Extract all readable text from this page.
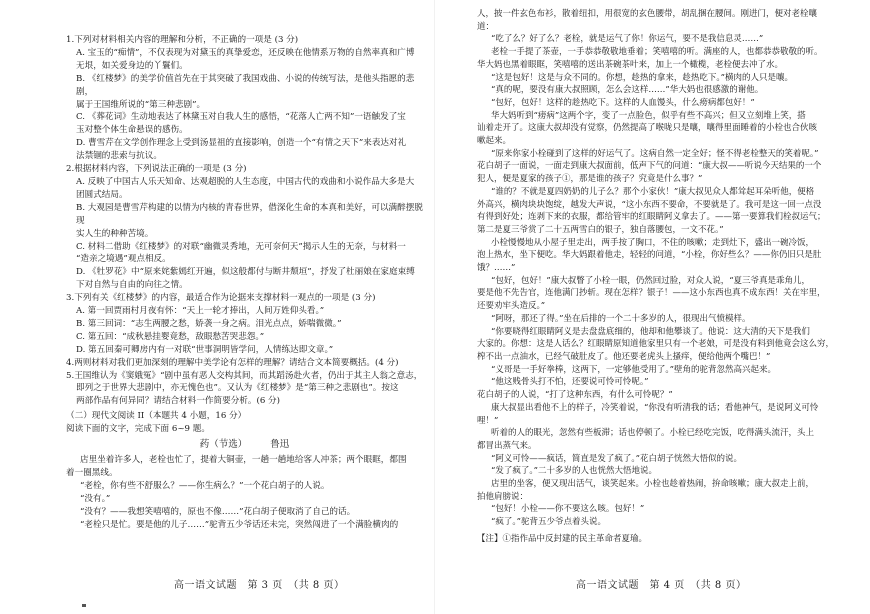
1.下列对材料相关内容的理解和分析，不正确的一项是 (3 分)

A. 宝玉的“痴情”，不仅表现为对黛玉的真挚爱恋，还反映在他情系万物的自然率真和广博

无垠，如关爱身边的丫鬟们。

B. 《红楼梦》的美学价值首先在于其突破了我国戏曲、小说的传统写法，是他头指愿的悲剧，

属于王国维所说的“第三种悲剧”。

C. 《葬花词》生动地表达了林黛玉对自我人生的感悟，“花落人亡两不知”一语触发了宝

玉对整个体生命悬误的感伤。

D. 曹雪芹在文学创作理念上受到汤显祖的直接影响，创造一个“有情之天下”来表达对礼

法禁锢的悲索与抗议。

2.根据材料内容，下列说法正确的一项是 (3 分)

A. 反映了中国古人乐天知命、达观超脱的人生态度，中国古代的戏曲和小说作品大多是大

团圆式结局。

B. 大观园是曹雪芹构建的以情为内核的青春世界，借深化生命的本真和美好，可以满醉摆脱现

实人生的种种苦境。

C. 材料二借助《红楼梦》的对联“幽微灵秀地，无可奈何天”揭示人生的无奈，与材料一

“造亲之境遇”观点相反。

D. 《牡罗花》中“原来姹紫嫣红开遍，似这般都付与断井颓垣”，抒发了杜丽娘在家庭束缚

下对自然与自由的向往之情。

3.下列有关《红楼梦》的内容，最适合作为论据来支撑材料一观点的一项是 (3 分)

A. 第一回贾雨村月夜有怀：“天上一轮才捧出，人间万姓仰头看。”

B. 第三回词：“志生两腰之愁，娇袭一身之病。泪光点点，娇喘微微。”

C. 第五回：“成秋悬挂婴竟愁，敌眼愁苦哭悲怨。”

D. 第五回秦可卿房内有一对联“世事洞明皆学问，人情练达即文章。”

4.两则材料对我们更加深刻的理解中美学论有怎样的理解？请结合文本简要概括。(4 分)

5.王国维认为《窦娥冤》“剧中虽有恶人交构其间，而其蹈汤赴火者，仍出于其主人翁之意志，

即列之于世界大悲剧中，亦无愧色也”。又认为《红楼梦》是“第三种之悲剧也”。按这

两部作品有何异同？请结合材料一作简要分析。(6 分)

（二）现代文阅读 II（本题共 4 小题，16 分）

阅读下面的文字，完成下面 6~9 题。

药（节选） 鲁迅

店里坐着许多人，老栓也忙了，提着大铜壶，一趟一趟地给客人冲茶；两个眼眶，都围

着一圈黑线。

“老栓，你有些不舒服么？——你生病么？”一个花白胡子的人说。

“没有。”

“没有？——我想笑嘻嘻的，原也不像……”花白胡子便取消了自己的话。

“老栓只是忙。要是他的儿子……”驼背五少爷话还未完，突然闯进了一个满脸横肉的

人，披一件玄色布衫，散着纽扣，用很宽的玄色腰带，胡乱捆在腰间。刚进门，便对老栓嚷

道：

“吃了么？好了么？老栓，就是运气了你！你运气，要不是我信息灵……”

老栓一手提了茶壶，一手恭恭敬敬地垂着；笑嘻嘻的听。满座的人，也都恭恭敬敬的听。

华大妈也黑着眼眶，笑嘻嘻的送出茶碗茶叶来，加上一个橄榄，老栓便去冲了水。

“这是包好！这是与众不同的。你想，趁热的拿来，趁热吃下。”横肉的人只是嚷。

“真的呢，要没有康大叔照顾，怎么会这样……”华大妈也很感激的谢他。

“包好，包好！这样的趁热吃下。这样的人血馒头，什么痨病都包好！”

华大妈听到“痨病”这两个字，变了一点脸色，似乎有些不高兴；但又立刻堆上笑，搭

讪着走开了。这康大叔却没有觉察，仍然提高了喉咙只是嚷，嚷得里面睡着的小栓也合伙咳

嗽起来。

“原来你家小栓碰到了这样的好运气了。这病自然一定全好；怪不得老栓整天的笑着呢。”

花白胡子一面说，一面走到康大叔面前，低声下气的问道：“康大叔——听说今天结果的一个

犯人，便是夏家的孩子①，那是谁的孩子？究竟是什么事？”

“谁的？不就是夏四奶奶的儿子么？那个小家伙！”康大叔见众人都耸起耳朵听他，便格

外高兴，横肉块块饱绽，越发大声说，“这小东西不要命，不要就是了。我可是这一回一点没

有得到好处；连剥下来的衣服，都给管牢的红眼睛阿义拿去了。——第一要算我们栓叔运气；

第二是夏三爷赏了二十五两雪白的银子，独自落腰包，一文不花。”

小栓慢慢地从小屋子里走出，两手按了胸口，不住的咳嗽；走到灶下，盛出一碗冷饭，

泡上热水，坐下便吃。华大妈跟着他走，轻轻的问道，“小栓，你好些么？——你仍旧只是肚

饿？……”

“包好，包好！”康大叔瞥了小栓一眼，仍然回过脸，对众人说，“夏三爷真是乖角儿，

要是他不先告官，连他满门抄斩。现在怎样？银子！——这小东西也真不成东西！关在牢里，

还要劝牢头造反。”

“阿呀，那还了得。”坐在后排的一个二十多岁的人，很现出气愤模样。

“你要晓得红眼睛阿义是去盘盘底细的，他却和他攀谈了。他说：这大清的天下是我们

大家的。你想：这是人话么？红眼睛原知道他家里只有一个老娘，可是没有料到他竟会这么穷，

榨不出一点油水，已经气破肚皮了。他还要老虎头上搔痒，便给他两个嘴巴！”

“义哥是一手好拳棒，这两下，一定够他受用了。”壁角的驼背忽然高兴起来。

“他这贱骨头打不怕，还要说可怜可怜呢。”

花白胡子的人说，“打了这种东西，有什么可怜呢？”

康大叔显出看他不上的样子，冷笑着说，“你没有听清我的话；看他神气，是说阿义可怜

哩！”

听着的人的眼光，忽然有些板滞；话也停顿了。小栓已经吃完饭，吃得满头流汗，头上

都冒出蒸气来。

“阿义可怜——疯话，简直是发了疯了。”花白胡子恍然大悟似的说。

“发了疯了。”二十多岁的人也恍然大悟地说。

店里的坐客，便又现出活气，谈笑起来。小栓也趁着热闹，拚命咳嗽；康大叔走上前，

拍他肩膀说：

“包好！小栓——你不要这么咳。包好！”

“疯了。”驼背五少爷点着头说。

【注】①指作品中反封建的民主革命者夏瑜。

高一语文试题　第 3 页　（共 8 页）	高一语文试题　第 4 页　（共 8 页）
